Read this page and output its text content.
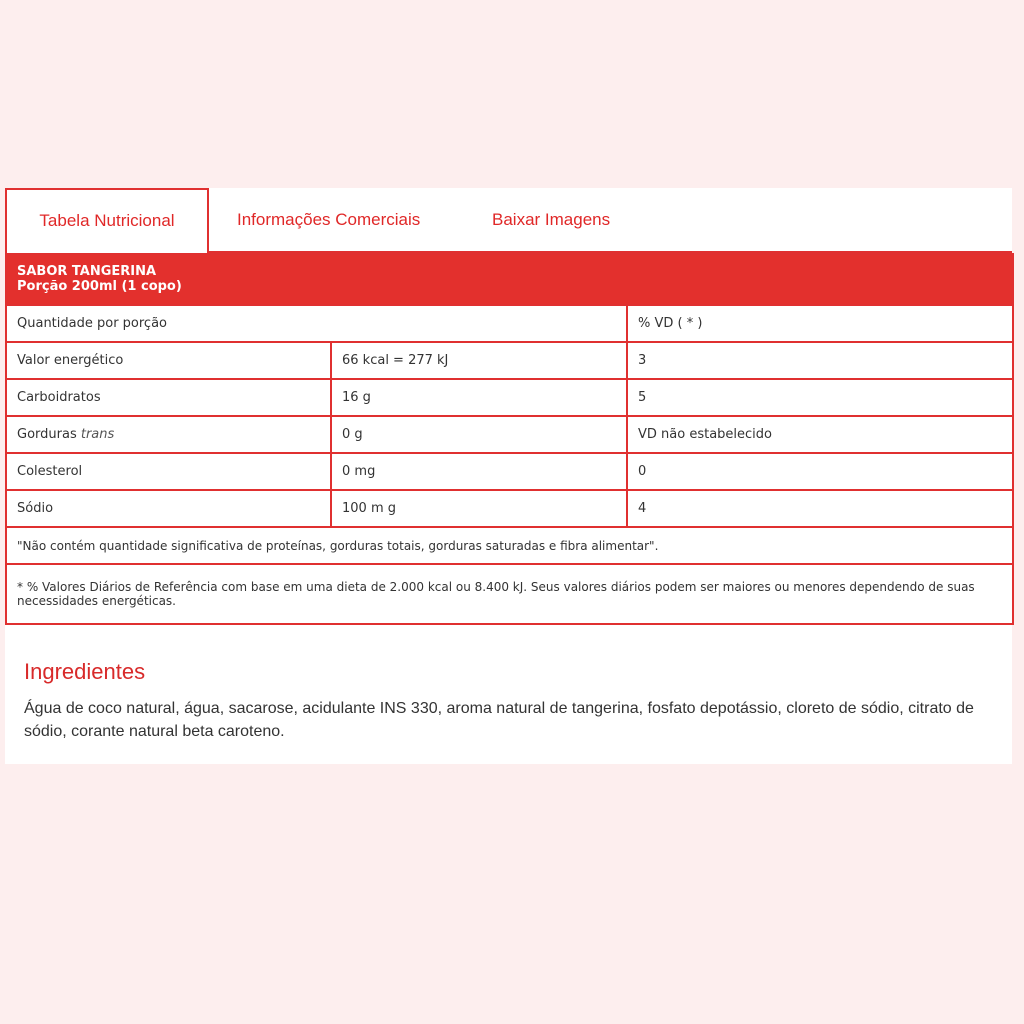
Tabela Nutricional	Informações Comerciais	Baixar Imagens
SABOR TANGERINA
Porção 200ml (1 copo)		

Quantidade por porção		% VD ( * )
Valor energético	66 kcal = 277 kJ	3
Carboidratos	16 g	5
Gorduras trans	0 g	VD não estabelecido
Colesterol	0 mg	0
Sódio	100 m g	4
"Não contém quantidade significativa de proteínas, gorduras totais, gorduras saturadas e fibra alimentar".		
* % Valores Diários de Referência com base em uma dieta de 2.000 kcal ou 8.400 kJ. Seus valores diários podem ser maiores ou menores dependendo de suas necessidades energéticas.		
Ingredientes

Água de coco natural, água, sacarose, acidulante INS 330, aroma natural de tangerina, fosfato depotássio, cloreto de sódio, citrato de sódio, corante natural beta caroteno.
